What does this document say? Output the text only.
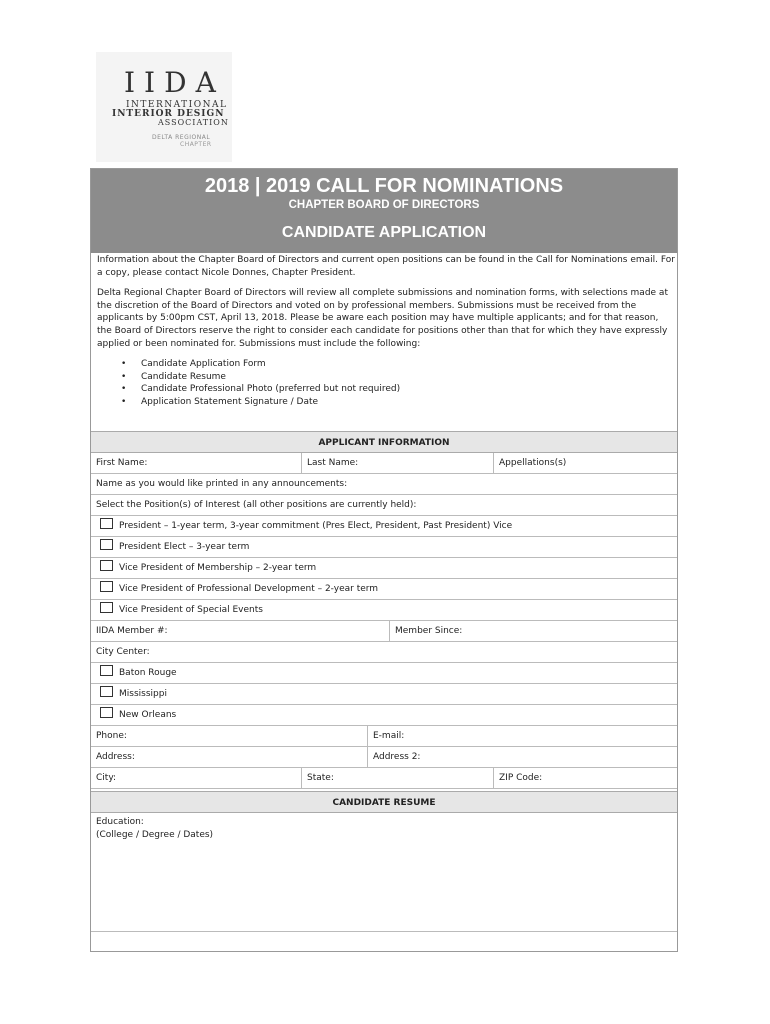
IIDA
INTERNATIONAL
INTERIOR DESIGN
ASSOCIATION
DELTA REGIONAL
CHAPTER
2018 | 2019 CALL FOR NOMINATIONS
CHAPTER BOARD OF DIRECTORS
CANDIDATE APPLICATION

Information about the Chapter Board of Directors and current open positions can be found in the Call for Nominations email. For a copy, please contact Nicole Donnes, Chapter President.

Delta Regional Chapter Board of Directors will review all complete submissions and nomination forms, with selections made at the discretion of the Board of Directors and voted on by professional members. Submissions must be received from the applicants by 5:00pm CST, April 13, 2018. Please be aware each position may have multiple applicants; and for that reason, the Board of Directors reserve the right to consider each candidate for positions other than that for which they have expressly applied or been nominated for. Submissions must include the following:

• Candidate Application Form
• Candidate Resume
• Candidate Professional Photo (preferred but not required)
• Application Statement Signature / Date
APPLICANT INFORMATION
First Name:	Last Name:	Appellations(s)
Name as you would like printed in any announcements:
Select the Position(s) of Interest (all other positions are currently held):
President – 1-year term, 3-year commitment (Pres Elect, President, Past President) Vice
President Elect – 3-year term
Vice President of Membership – 2-year term
Vice President of Professional Development – 2-year term
Vice President of Special Events
IIDA Member #:	Member Since:
City Center:
Baton Rouge
Mississippi
New Orleans
Phone:	E-mail:
Address:	Address 2:
City:	State:	ZIP Code:
CANDIDATE RESUME
Education:
(College / Degree / Dates)
